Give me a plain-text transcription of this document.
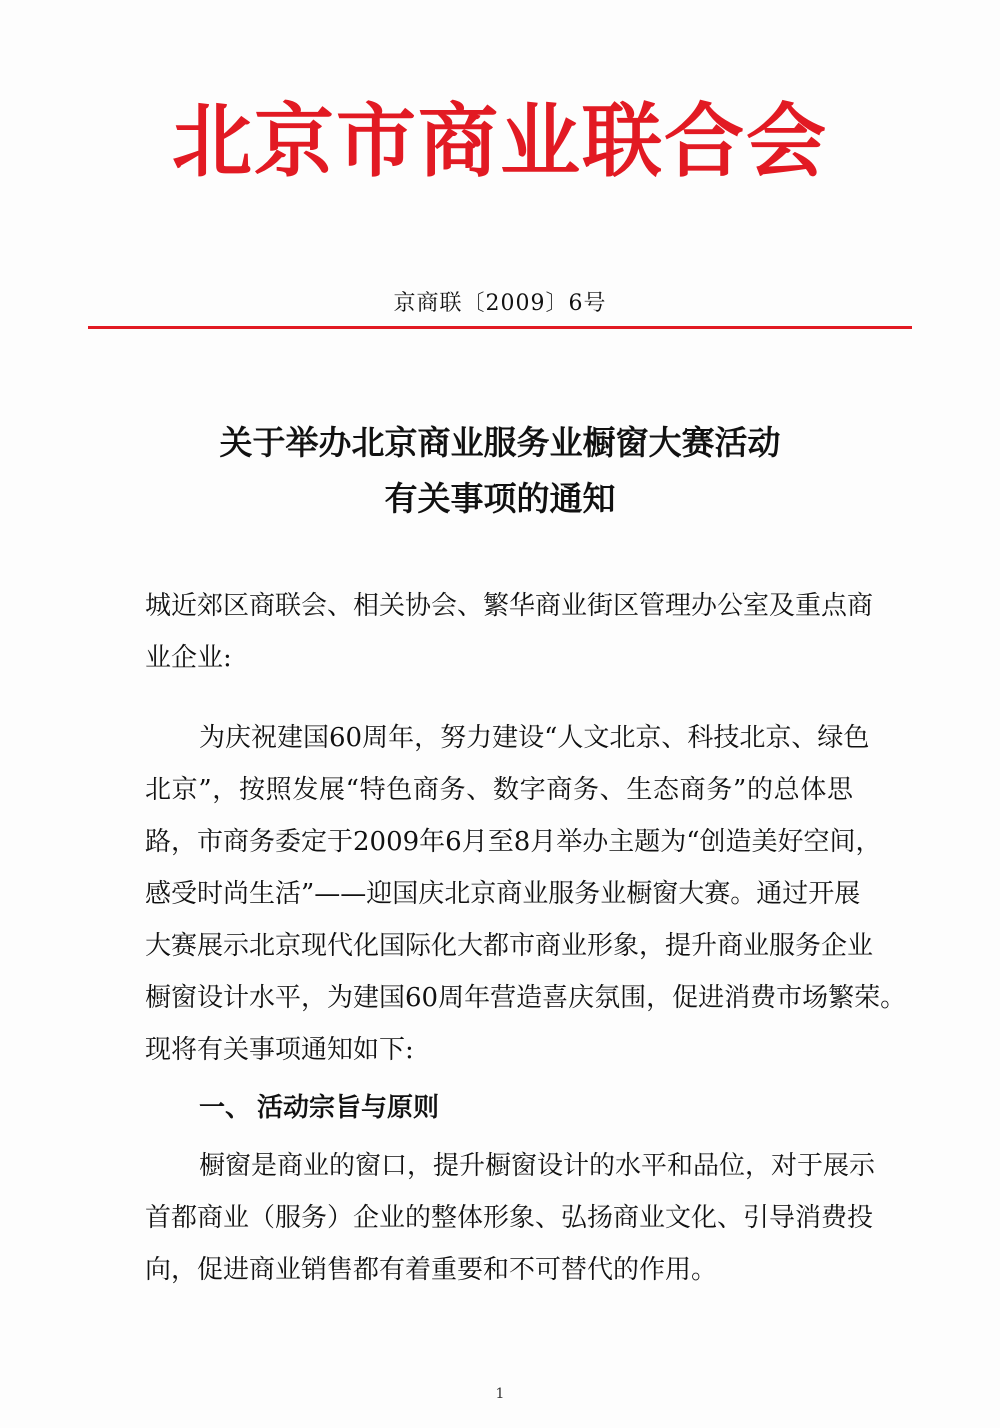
北京市商业联合会
京商联〔2009〕6号
关于举办北京商业服务业橱窗大赛活动
有关事项的通知
城近郊区商联会、相关协会、繁华商业街区管理办公室及重点商
业企业:
为庆祝建国60周年，努力建设“人文北京、科技北京、绿色
北京”，按照发展“特色商务、数字商务、生态商务”的总体思
路，市商务委定于2009年6月至8月举办主题为“创造美好空间，
感受时尚生活”——迎国庆北京商业服务业橱窗大赛。通过开展
大赛展示北京现代化国际化大都市商业形象，提升商业服务企业
橱窗设计水平，为建国60周年营造喜庆氛围，促进消费市场繁荣。
现将有关事项通知如下:
一、 活动宗旨与原则
橱窗是商业的窗口，提升橱窗设计的水平和品位，对于展示
首都商业（服务）企业的整体形象、弘扬商业文化、引导消费投
向，促进商业销售都有着重要和不可替代的作用。
1
